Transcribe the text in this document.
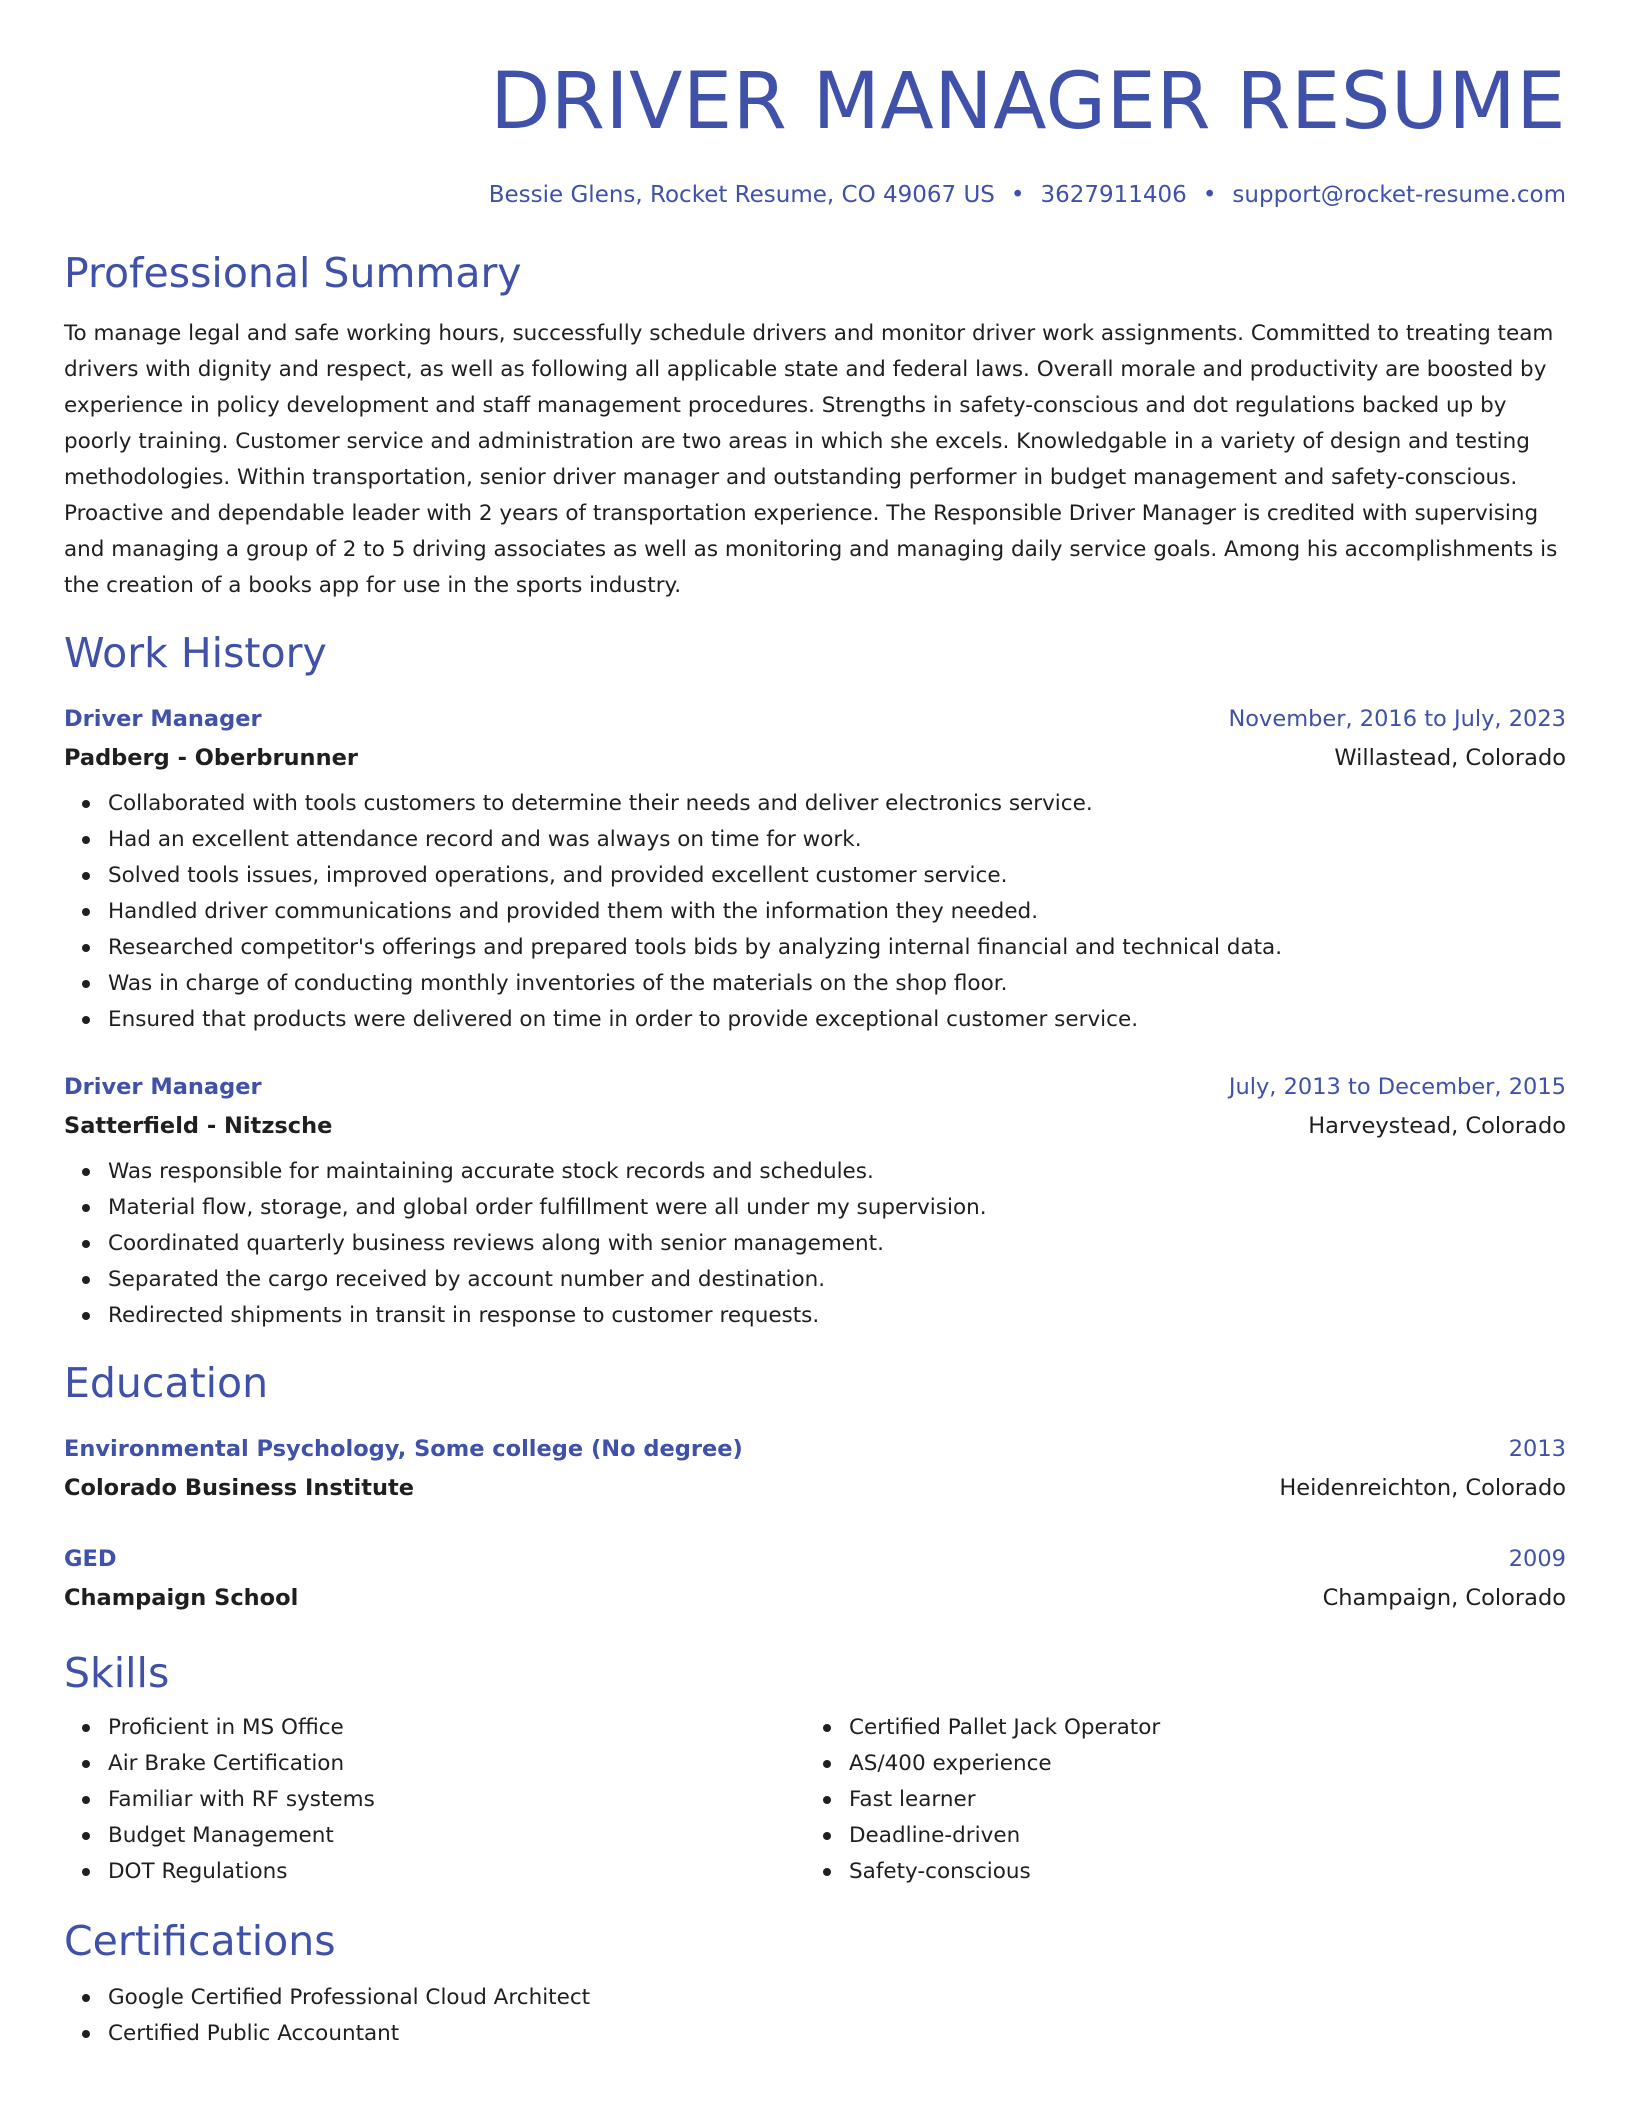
DRIVER MANAGER RESUME
Bessie Glens, Rocket Resume, CO 49067 US • 3627911406 • support@rocket-resume.com
Professional Summary

To manage legal and safe working hours, successfully schedule drivers and monitor driver work assignments. Committed to treating team drivers with dignity and respect, as well as following all applicable state and federal laws. Overall morale and productivity are boosted by experience in policy development and staff management procedures. Strengths in safety-conscious and dot regulations backed up by poorly training. Customer service and administration are two areas in which she excels. Knowledgable in a variety of design and testing methodologies. Within transportation, senior driver manager and outstanding performer in budget management and safety-conscious. Proactive and dependable leader with 2 years of transportation experience. The Responsible Driver Manager is credited with supervising and managing a group of 2 to 5 driving associates as well as monitoring and managing daily service goals. Among his accomplishments is the creation of a books app for use in the sports industry.

Work History
Driver Manager	November, 2016 to July, 2023
Padberg - Oberbrunner	Willastead, Colorado
Collaborated with tools customers to determine their needs and deliver electronics service.
Had an excellent attendance record and was always on time for work.
Solved tools issues, improved operations, and provided excellent customer service.
Handled driver communications and provided them with the information they needed.
Researched competitor's offerings and prepared tools bids by analyzing internal financial and technical data.
Was in charge of conducting monthly inventories of the materials on the shop floor.
Ensured that products were delivered on time in order to provide exceptional customer service.
Driver Manager	July, 2013 to December, 2015
Satterfield - Nitzsche	Harveystead, Colorado
Was responsible for maintaining accurate stock records and schedules.
Material flow, storage, and global order fulfillment were all under my supervision.
Coordinated quarterly business reviews along with senior management.
Separated the cargo received by account number and destination.
Redirected shipments in transit in response to customer requests.
Education
Environmental Psychology, Some college (No degree)	2013
Colorado Business Institute	Heidenreichton, Colorado
GED	2009
Champaign School	Champaign, Colorado
Skills
Proficient in MS Office
Air Brake Certification
Familiar with RF systems
Budget Management
DOT Regulations
Certified Pallet Jack Operator
AS/400 experience
Fast learner
Deadline-driven
Safety-conscious
Certifications
Google Certified Professional Cloud Architect
Certified Public Accountant
